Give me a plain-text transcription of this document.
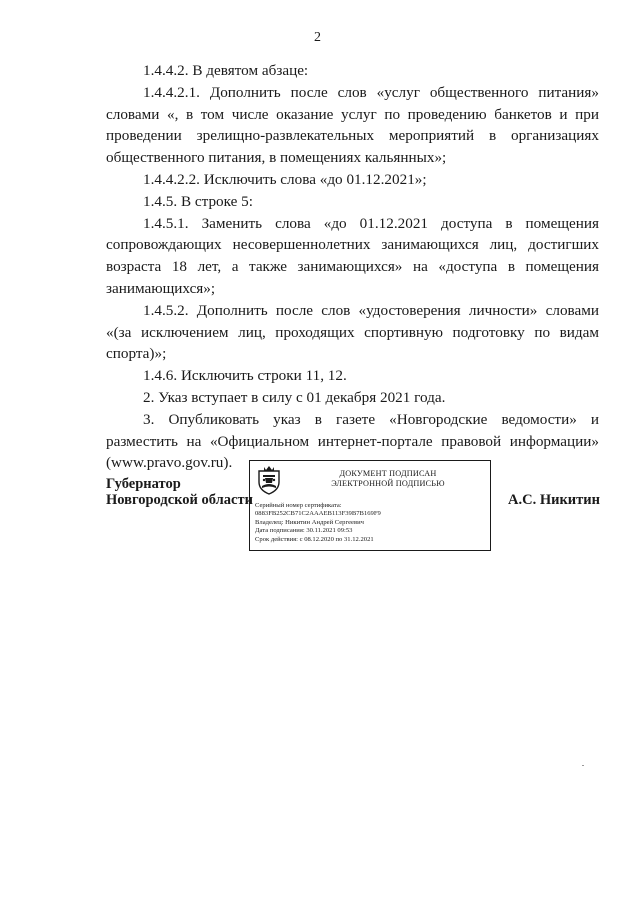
2

1.4.4.2. В девятом абзаце:

1.4.4.2.1. Дополнить после слов «услуг общественного питания» словами «, в том числе оказание услуг по проведению банкетов и при проведении зрелищно-развлекательных мероприятий в организациях общественного питания, в помещениях кальянных»;

1.4.4.2.2. Исключить слова «до 01.12.2021»;

1.4.5. В строке 5:

1.4.5.1. Заменить слова «до 01.12.2021 доступа в помещения сопровождающих несовершеннолетних занимающихся лиц, достигших возраста 18 лет, а также занимающихся» на «доступа в помещения занимающихся»;

1.4.5.2. Дополнить после слов «удостоверения личности» словами «(за исключением лиц, проходящих спортивную подготовку по видам спорта)»;

1.4.6. Исключить строки 11, 12.

2. Указ вступает в силу с 01 декабря 2021 года.

3. Опубликовать указ в газете «Новгородские ведомости» и разместить на «Официальном интернет-портале правовой информации» (www.pravo.gov.ru).

Губернатор
Новгородской области
ДОКУМЕНТ ПОДПИСАН
ЭЛЕКТРОННОЙ ПОДПИСЬЮ
Серийный номер сертификата:
0883FB252CB71C2AAAEB113F39B7B169F9
Владелец: Никитин Андрей Сергеевич
Дата подписания: 30.11.2021 09:53
Срок действия: с 08.12.2020 по 31.12.2021
А.С. Никитин
